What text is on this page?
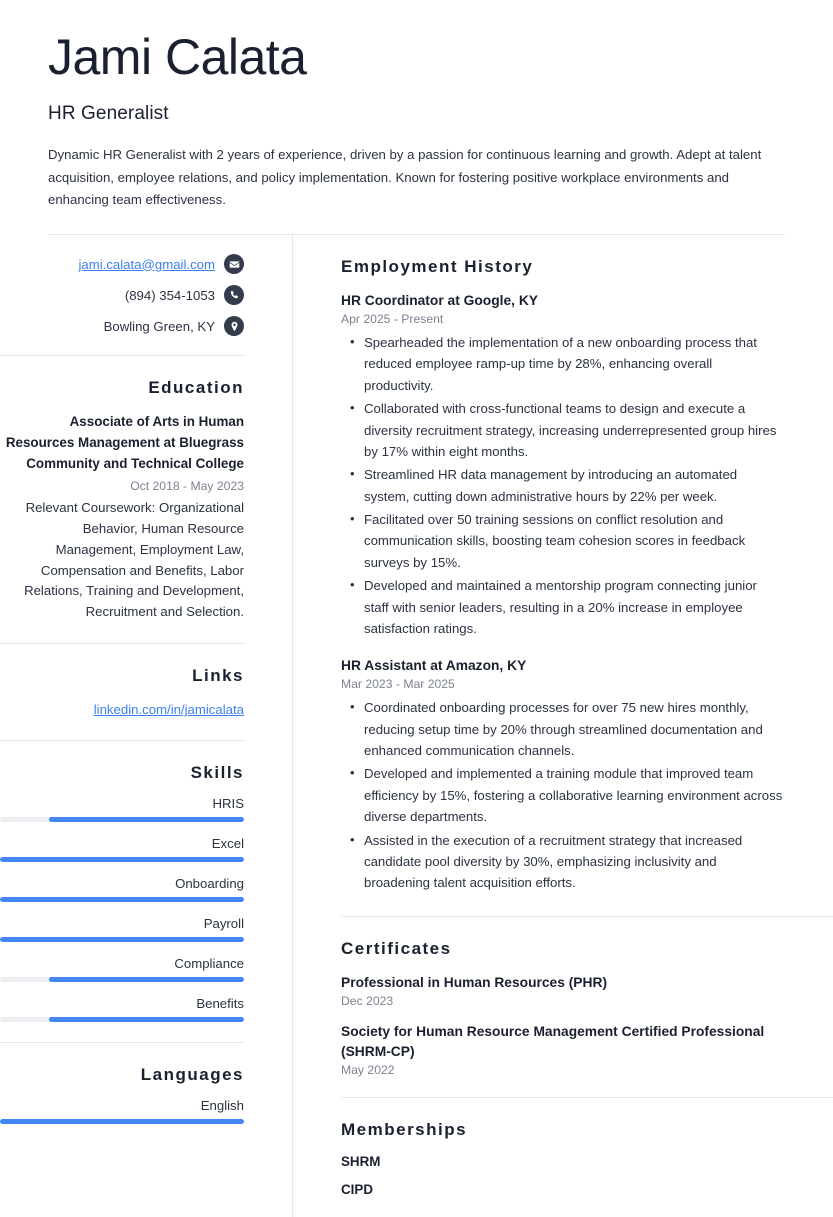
Jami Calata
HR Generalist

Dynamic HR Generalist with 2 years of experience, driven by a passion for continuous learning and growth. Adept at talent acquisition, employee relations, and policy implementation. Known for fostering positive workplace environments and enhancing team effectiveness.

jami.calata@gmail.com
(894) 354-1053
Bowling Green, KY
Education
Associate of Arts in Human Resources Management at Bluegrass Community and Technical College
Oct 2018 - May 2023
Relevant Coursework: Organizational Behavior, Human Resource Management, Employment Law, Compensation and Benefits, Labor Relations, Training and Development, Recruitment and Selection.
Links
linkedin.com/in/jamicalata
Skills
HRIS
Excel
Onboarding
Payroll
Compliance
Benefits
Languages
English
Employment History
HR Coordinator at Google, KY
Apr 2025 - Present
• Spearheaded the implementation of a new onboarding process that reduced employee ramp-up time by 28%, enhancing overall productivity.
• Collaborated with cross-functional teams to design and execute a diversity recruitment strategy, increasing underrepresented group hires by 17% within eight months.
• Streamlined HR data management by introducing an automated system, cutting down administrative hours by 22% per week.
• Facilitated over 50 training sessions on conflict resolution and communication skills, boosting team cohesion scores in feedback surveys by 15%.
• Developed and maintained a mentorship program connecting junior staff with senior leaders, resulting in a 20% increase in employee satisfaction ratings.
HR Assistant at Amazon, KY
Mar 2023 - Mar 2025
• Coordinated onboarding processes for over 75 new hires monthly, reducing setup time by 20% through streamlined documentation and enhanced communication channels.
• Developed and implemented a training module that improved team efficiency by 15%, fostering a collaborative learning environment across diverse departments.
• Assisted in the execution of a recruitment strategy that increased candidate pool diversity by 30%, emphasizing inclusivity and broadening talent acquisition efforts.
Certificates
Professional in Human Resources (PHR)
Dec 2023
Society for Human Resource Management Certified Professional (SHRM-CP)
May 2022
Memberships
SHRM
CIPD
